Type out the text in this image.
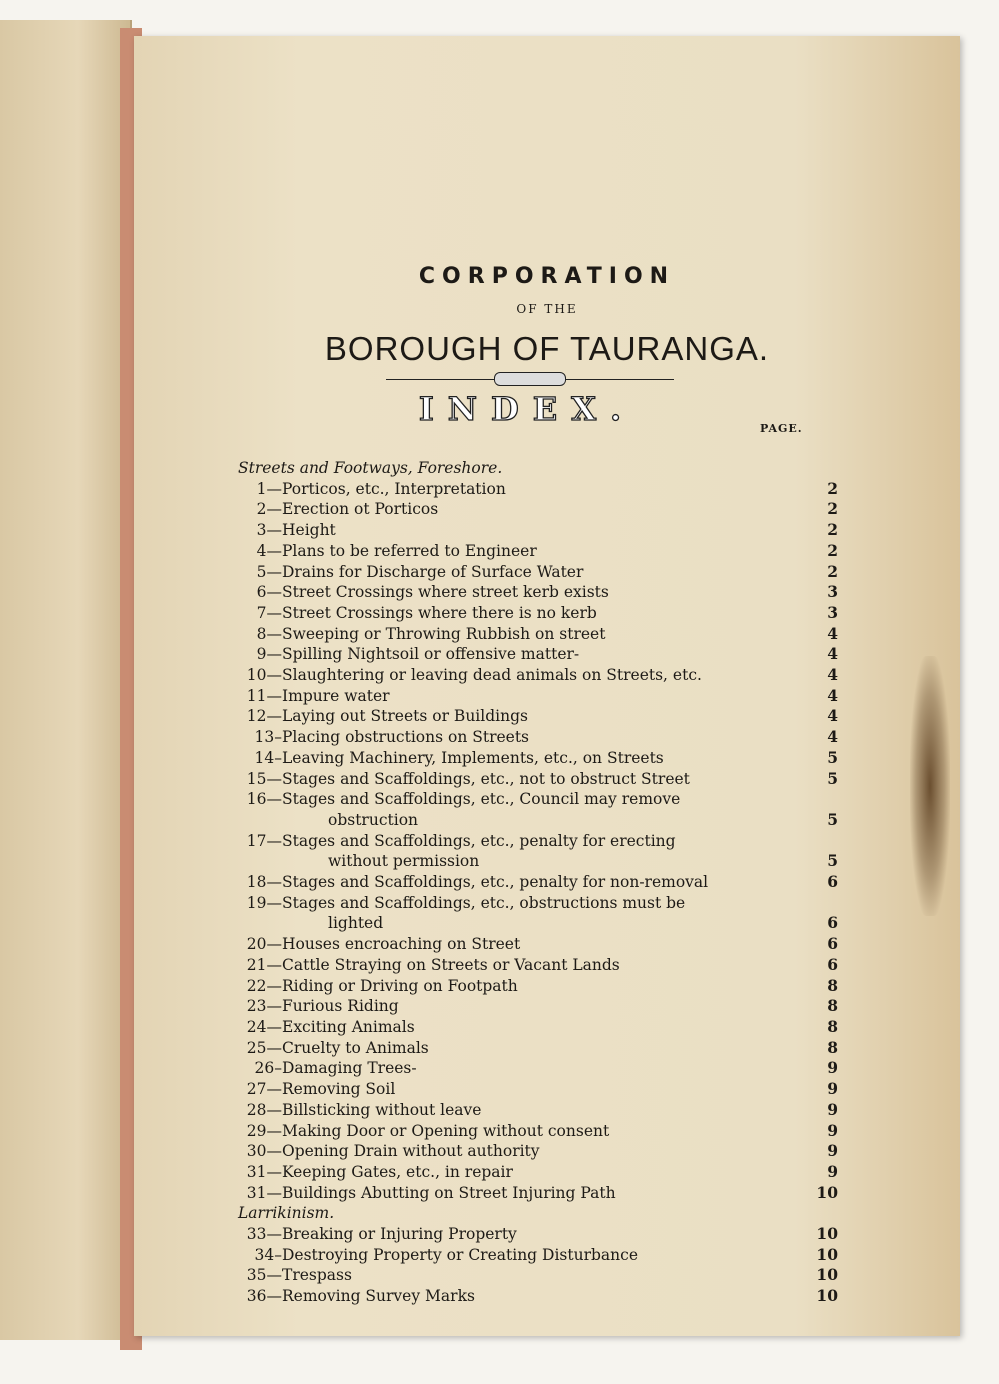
CORPORATION
OF THE
BOROUGH OF TAURANGA.
INDEX.
PAGE.
Streets and Footways, Foreshore.
1— Porticos, etc., Interpretation	2
2— Erection ot Porticos	2
3— Height	2
4— Plans to be referred to Engineer	2
5— Drains for Discharge of Surface Water	2
6— Street Crossings where street kerb exists	3
7— Street Crossings where there is no kerb	3
8— Sweeping or Throwing Rubbish on street	4
9— Spilling Nightsoil or offensive matter-	4
10— Slaughtering or leaving dead animals on Streets, etc.	4
11— Impure water	4
12— Laying out Streets or Buildings	4
13– Placing obstructions on Streets	4
14– Leaving Machinery, Implements, etc., on Streets	5
15— Stages and Scaffoldings, etc., not to obstruct Street	5
16— Stages and Scaffoldings, etc., Council may remove
obstruction	5
17— Stages and Scaffoldings, etc., penalty for erecting
without permission	5
18— Stages and Scaffoldings, etc., penalty for non-removal	6
19— Stages and Scaffoldings, etc., obstructions must be
lighted	6
20— Houses encroaching on Street	6
21— Cattle Straying on Streets or Vacant Lands	6
22— Riding or Driving on Footpath	8
23— Furious Riding	8
24— Exciting Animals	8
25— Cruelty to Animals	8
26– Damaging Trees-	9
27— Removing Soil	9
28— Billsticking without leave	9
29— Making Door or Opening without consent	9
30— Opening Drain without authority	9
31— Keeping Gates, etc., in repair	9
31— Buildings Abutting on Street Injuring Path	10
Larrikinism.
33— Breaking or Injuring Property	10
34– Destroying Property or Creating Disturbance	10
35— Trespass	10
36— Removing Survey Marks	10
